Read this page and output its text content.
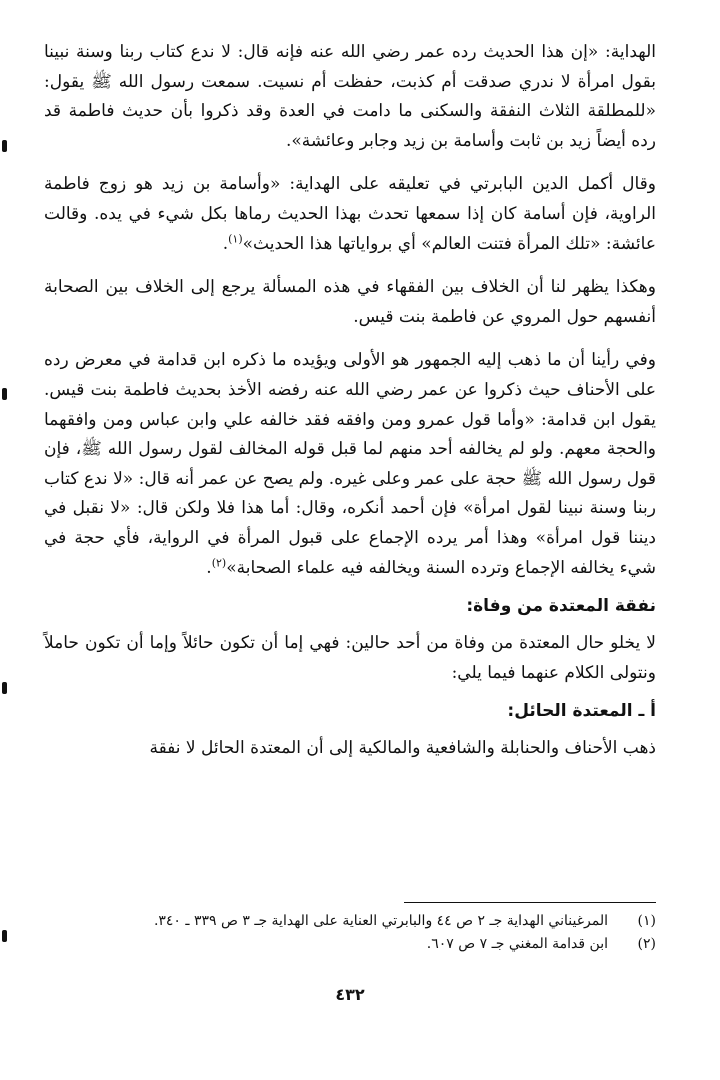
الهداية: «إن هذا الحديث رده عمر رضي الله عنه فإنه قال: لا ندع كتاب ربنا وسنة نبينا بقول امرأة لا ندري صدقت أم كذبت، حفظت أم نسيت. سمعت رسول الله ﷺ يقول: «للمطلقة الثلاث النفقة والسكنى ما دامت في العدة وقد ذكروا بأن حديث فاطمة قد رده أيضاً زيد بن ثابت وأسامة بن زيد وجابر وعائشة».

وقال أكمل الدين البابرتي في تعليقه على الهداية: «وأسامة بن زيد هو زوج فاطمة الراوية، فإن أسامة كان إذا سمعها تحدث بهذا الحديث رماها بكل شيء في يده. وقالت عائشة: «تلك المرأة فتنت العالم» أي برواياتها هذا الحديث»$^{(١)}$.

وهكذا يظهر لنا أن الخلاف بين الفقهاء في هذه المسألة يرجع إلى الخلاف بين الصحابة أنفسهم حول المروي عن فاطمة بنت قيس.

وفي رأينا أن ما ذهب إليه الجمهور هو الأولى ويؤيده ما ذكره ابن قدامة في معرض رده على الأحناف حيث ذكروا عن عمر رضي الله عنه رفضه الأخذ بحديث فاطمة بنت قيس. يقول ابن قدامة: «وأما قول عمرو ومن وافقه فقد خالفه علي وابن عباس ومن وافقهما والحجة معهم. ولو لم يخالفه أحد منهم لما قبل قوله المخالف لقول رسول الله ﷺ، فإن قول رسول الله ﷺ حجة على عمر وعلى غيره. ولم يصح عن عمر أنه قال: «لا ندع كتاب ربنا وسنة نبينا لقول امرأة» فإن أحمد أنكره، وقال: أما هذا فلا ولكن قال: «لا نقبل في ديننا قول امرأة» وهذا أمر يرده الإجماع على قبول المرأة في الرواية، فأي حجة في شيء يخالفه الإجماع وترده السنة ويخالفه فيه علماء الصحابة»$^{(٢)}$.

نفقة المعتدة من وفاة:

لا يخلو حال المعتدة من وفاة من أحد حالين: فهي إما أن تكون حائلاً وإما أن تكون حاملاً ونتولى الكلام عنهما فيما يلي:

أ ـ المعتدة الحائل:

ذهب الأحناف والحنابلة والشافعية والمالكية إلى أن المعتدة الحائل لا نفقة

(١)
المرغيناني الهداية جـ ٢ ص ٤٤ والبابرتي العناية على الهداية جـ ٣ ص ٣٣٩ ـ ٣٤٠.
(٢)
ابن قدامة المغني جـ ٧ ص ٦٠٧.
٤٣٢
